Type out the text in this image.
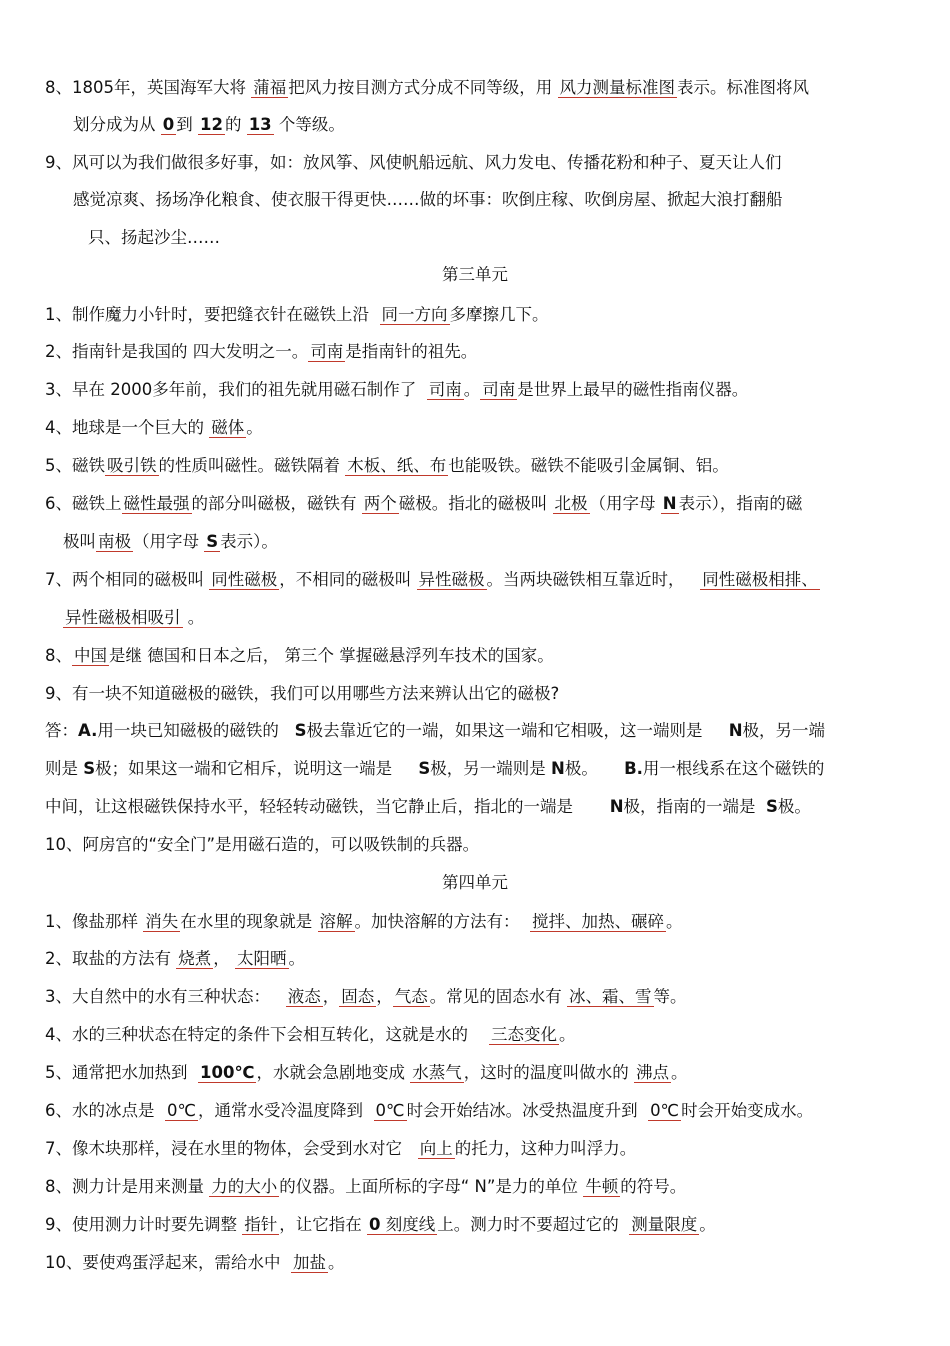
8、1805年，英国海军大将 蒲福 把风力按目测方式分成不同等级，用 风力测量标准图 表示。标准图将风
划分成为从 0 到 12 的 13 个等级。
9、风可以为我们做很多好事，如：放风筝、风使帆船远航、风力发电、传播花粉和种子、夏天让人们
感觉凉爽、扬场净化粮食、使衣服干得更快……做的坏事：吹倒庄稼、吹倒房屋、掀起大浪打翻船
只、扬起沙尘……
第三单元
1、制作魔力小针时，要把缝衣针在磁铁上沿 同一方向 多摩擦几下。
2、指南针是我国的 四大发明之一。 司南 是指南针的祖先。
3、早在 2000多年前，我们的祖先就用磁石制作了 司南 。 司南 是世界上最早的磁性指南仪器。
4、地球是一个巨大的 磁体 。
5、磁铁 吸引铁 的性质叫磁性。磁铁隔着 木板、纸、布 也能吸铁。磁铁不能吸引金属铜、铝。
6、磁铁上 磁性最强 的部分叫磁极，磁铁有 两个 磁极。指北的磁极叫 北极 （用字母 N 表示），指南的磁
极叫 南极 （用字母 S 表示）。
7、两个相同的磁极叫 同性磁极 ，不相同的磁极叫 异性磁极 。当两块磁铁相互靠近时， 同性磁极相排、
异性磁极相吸引 。
8、 中国 是继 德国和日本之后， 第三个 掌握磁悬浮列车技术的国家。
9、有一块不知道磁极的磁铁，我们可以用哪些方法来辨认出它的磁极?
答：A.用一块已知磁极的磁铁的 S极去靠近它的一端，如果这一端和它相吸，这一端则是 N极，另一端
则是 S极；如果这一端和它相斥，说明这一端是 S极，另一端则是 N极。 B.用一根线系在这个磁铁的
中间，让这根磁铁保持水平，轻轻转动磁铁，当它静止后，指北的一端是 N极，指南的一端是 S极。
10、阿房宫的“安全门”是用磁石造的，可以吸铁制的兵器。
第四单元
1、像盐那样 消失 在水里的现象就是 溶解 。加快溶解的方法有： 搅拌、加热、碾碎 。
2、取盐的方法有 烧煮 ， 太阳晒 。
3、大自然中的水有三种状态： 液态 ， 固态 ， 气态 。常见的固态水有 冰、霜、雪 等。
4、水的三种状态在特定的条件下会相互转化，这就是水的 三态变化 。
5、通常把水加热到 100℃ ，水就会急剧地变成 水蒸气 ，这时的温度叫做水的 沸点 。
6、水的冰点是 0℃ ，通常水受冷温度降到 0℃ 时会开始结冰。冰受热温度升到 0℃ 时会开始变成水。
7、像木块那样，浸在水里的物体，会受到水对它 向上 的托力，这种力叫浮力。
8、测力计是用来测量 力的大小 的仪器。上面所标的字母“ N”是力的单位 牛顿 的符号。
9、使用测力计时要先调整 指针 ，让它指在 0 刻度线 上。测力时不要超过它的 测量限度 。
10、要使鸡蛋浮起来，需给水中 加盐 。
